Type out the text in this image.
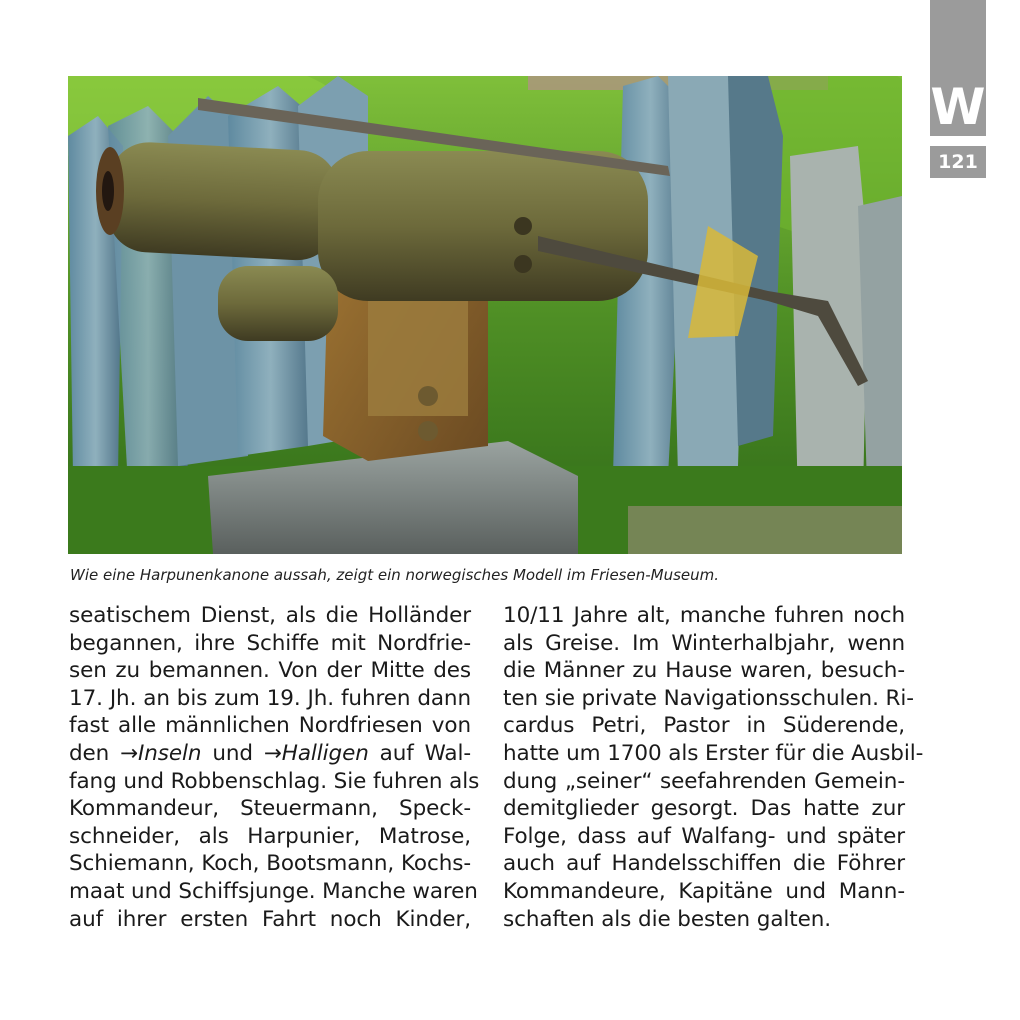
W
121
Wie eine Harpunenkanone aussah, zeigt ein norwegisches Modell im Friesen-Museum.
seatischem Dienst, als die Holländer
begannen, ihre Schiffe mit Nordfrie-
sen zu bemannen. Von der Mitte des
17. Jh. an bis zum 19. Jh. fuhren dann
fast alle männlichen Nordfriesen von
den →Inseln und →Halligen auf Wal-
fang und Robbenschlag. Sie fuhren als
Kommandeur, Steuermann, Speck-
schneider, als Harpunier, Matrose,
Schiemann, Koch, Bootsmann, Kochs-
maat und Schiffsjunge. Manche waren
auf ihrer ersten Fahrt noch Kinder,
10/11 Jahre alt, manche fuhren noch
als Greise. Im Winterhalbjahr, wenn
die Männer zu Hause waren, besuch-
ten sie private Navigationsschulen. Ri-
cardus Petri, Pastor in Süderende,
hatte um 1700 als Erster für die Ausbil-
dung „seiner“ seefahrenden Gemein-
demitglieder gesorgt. Das hatte zur
Folge, dass auf Walfang- und später
auch auf Handelsschiffen die Föhrer
Kommandeure, Kapitäne und Mann-
schaften als die besten galten.
